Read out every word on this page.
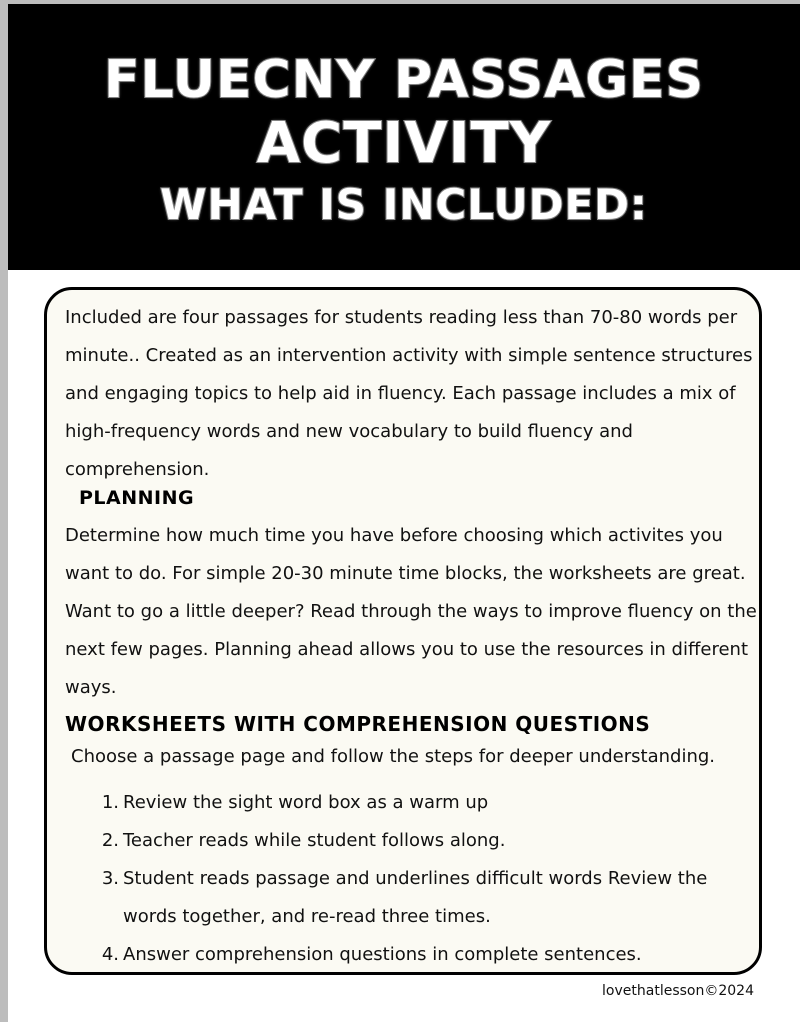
FLUECNY PASSAGES
ACTIVITY
WHAT IS INCLUDED:

Included are four passages for students reading less than 70-80 words per minute.. Created as an intervention activity with simple sentence structures and engaging topics to help aid in fluency. Each passage includes a mix of high-frequency words and new vocabulary to build fluency and comprehension.

PLANNING

Determine how much time you have before choosing which activites you want to do. For simple 20-30 minute time blocks, the worksheets are great. Want to go a little deeper? Read through the ways to improve fluency on the next few pages. Planning ahead allows you to use the resources in different ways.

WORKSHEETS WITH COMPREHENSION QUESTIONS

Choose a passage page and follow the steps for deeper understanding.

1. Review the sight word box as a warm up
2. Teacher reads while student follows along.
3. Student reads passage and underlines difficult words Review the words together, and re-read three times.
4. Answer comprehension questions in complete sentences.
lovethatlesson©2024
